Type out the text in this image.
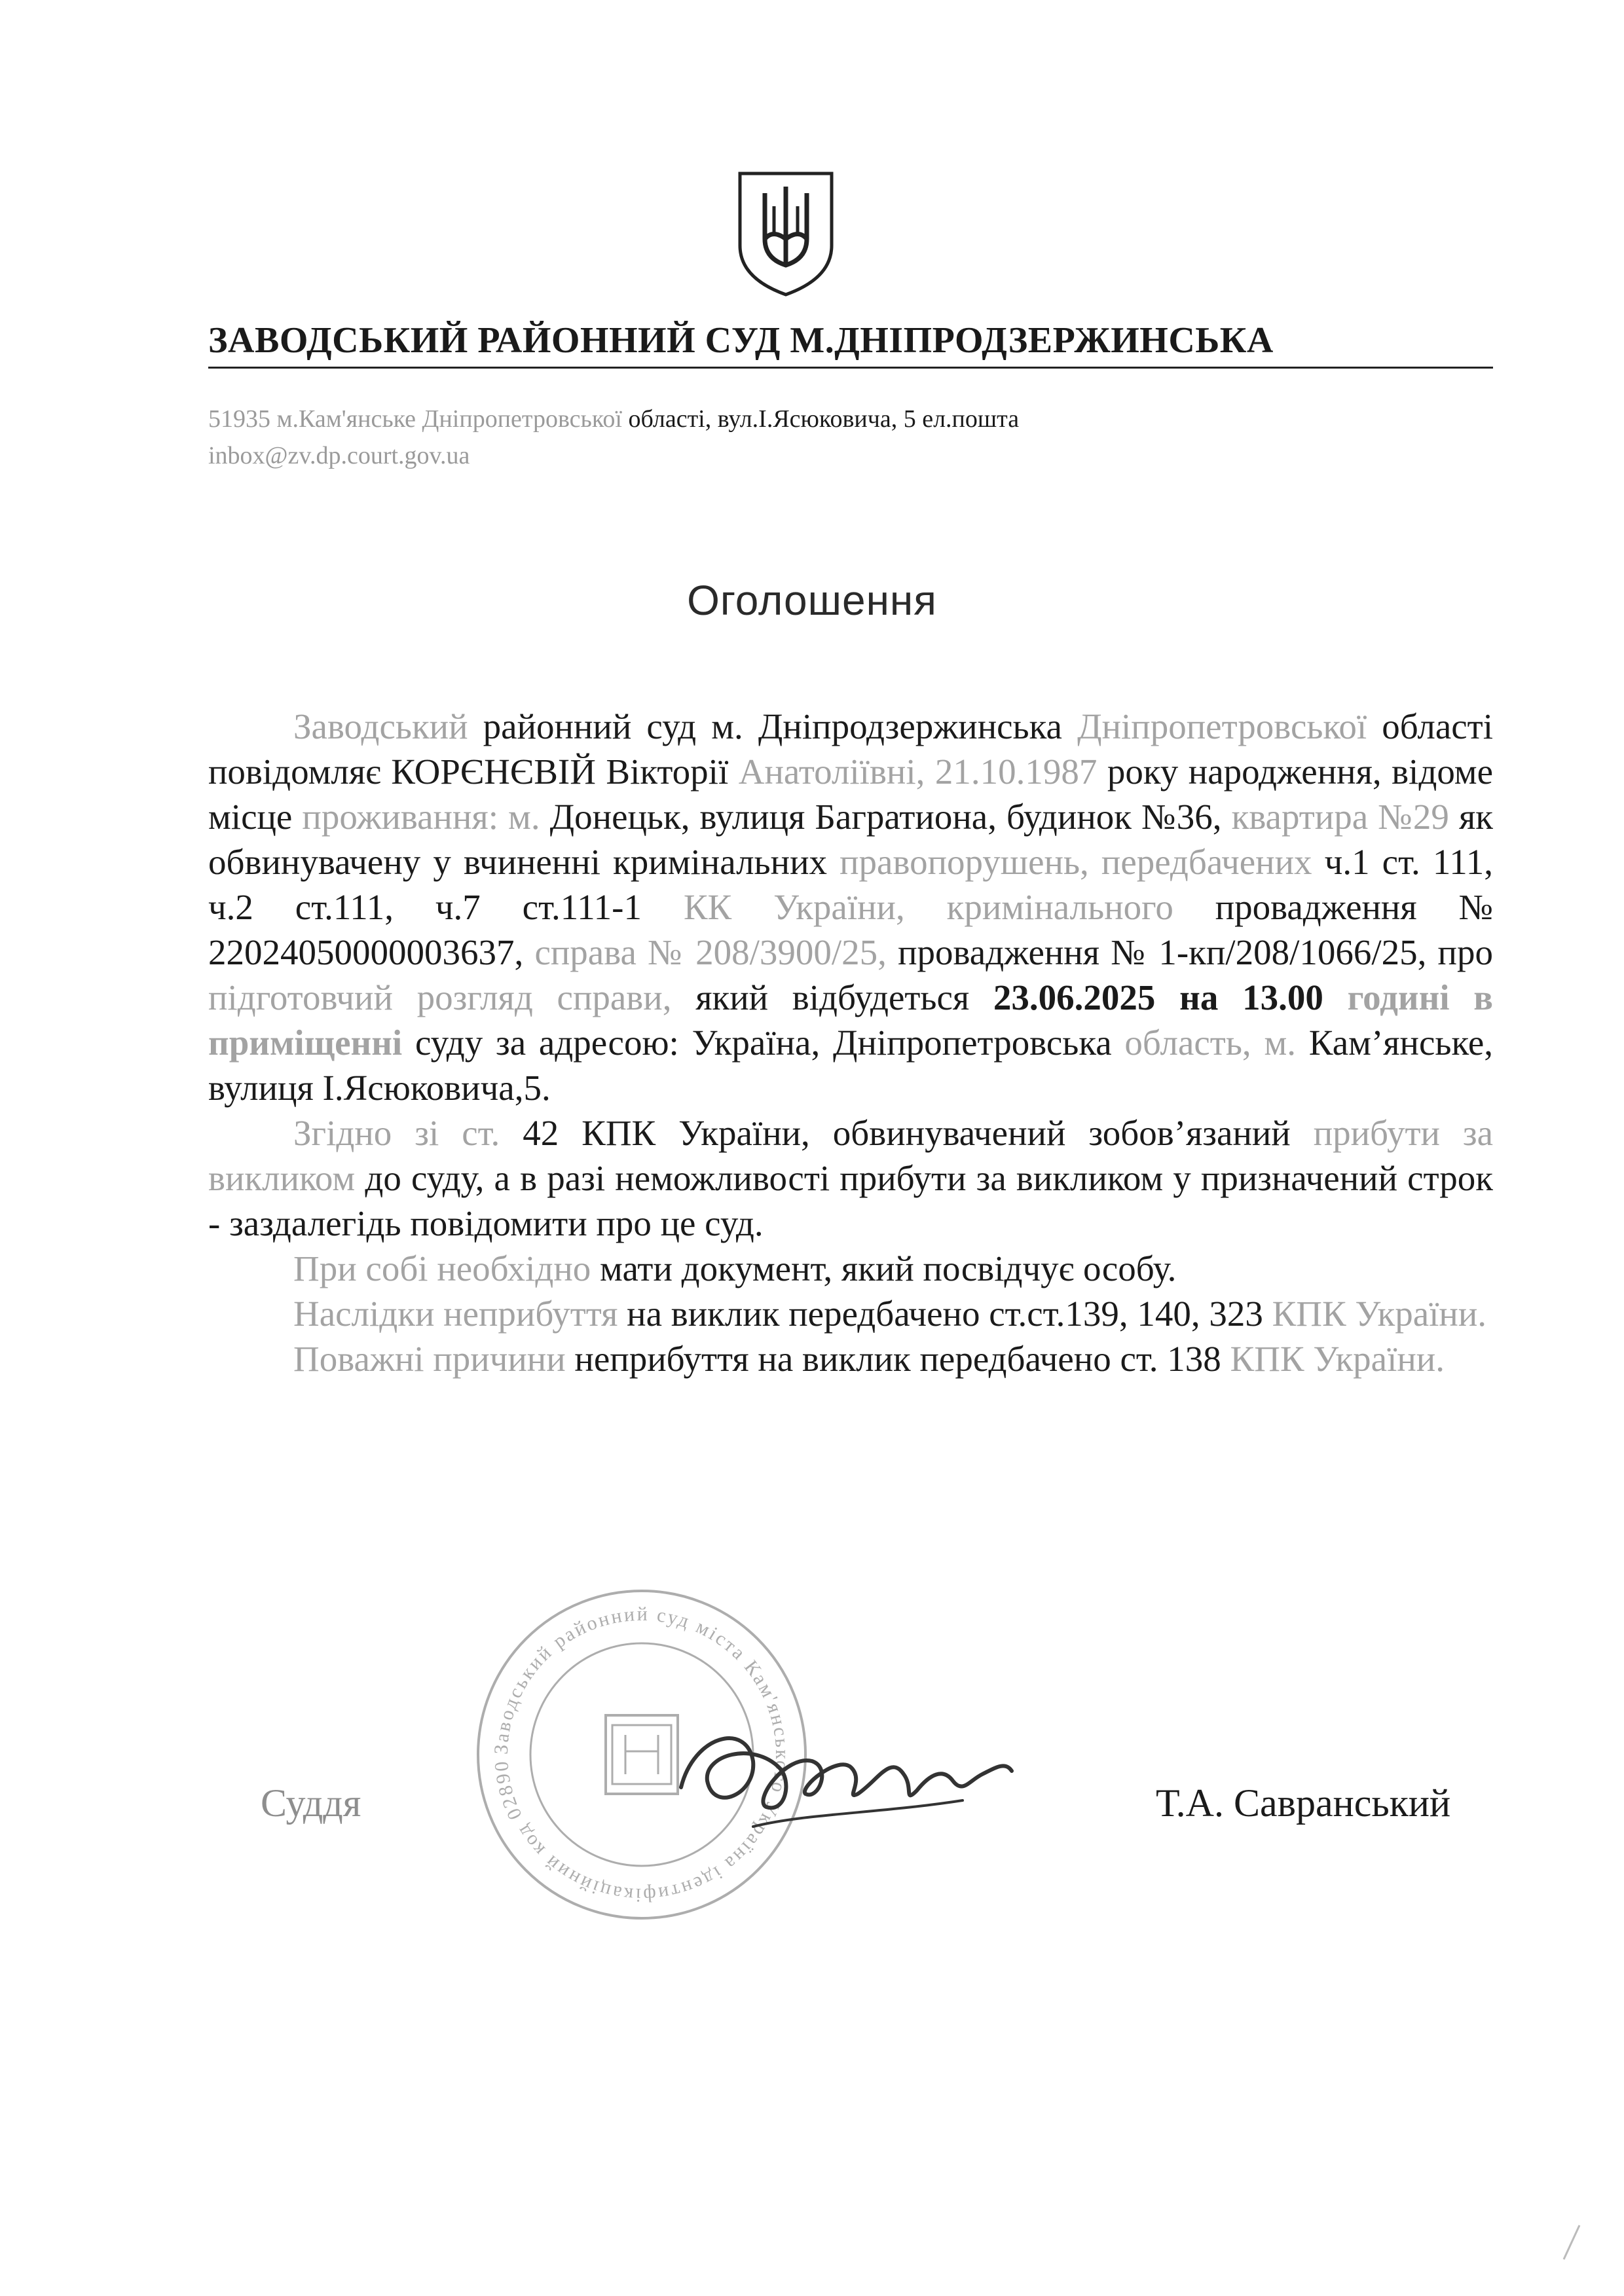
ЗАВОДСЬКИЙ РАЙОННИЙ СУД М.ДНІПРОДЗЕРЖИНСЬКА
51935 м.Кам'янське Дніпропетровської області, вул.І.Ясюковича, 5 ел.пошта
inbox@zv.dp.court.gov.ua
Оголошення

Заводський районний суд м. Дніпродзержинська Дніпропетровської області повідомляє КОРЄНЄВІЙ Вікторії Анатоліївні, 21.10.1987 року народження, відоме місце проживання: м. Донецьк, вулиця Багратиона, будинок №36, квартира №29 як обвинувачену у вчиненні кримінальних правопорушень, передбачених ч.1 ст. 111, ч.2 ст.111, ч.7 ст.111-1 КК України, кримінального провадження № 22024050000003637, справа № 208/3900/25, провадження № 1-кп/208/1066/25, про підготовчий розгляд справи, який відбудеться 23.06.2025 на 13.00 годині в приміщенні суду за адресою: Україна, Дніпропетровська область, м. Кам’янське, вулиця І.Ясюковича,5.

Згідно зі ст. 42 КПК України, обвинувачений зобов’язаний прибути за викликом до суду, а в разі неможливості прибути за викликом у призначений строк - заздалегідь повідомити про це суд.

При собі необхідно мати документ, який посвідчує особу.

Наслідки неприбуття на виклик передбачено ст.ст.139, 140, 323 КПК України.

Поважні причини неприбуття на виклик передбачено ст. 138 КПК України.

Заводський районний суд міста Кам'янського Україна ідентифікаційний код 02890
Суддя	Т.А. Савранський
